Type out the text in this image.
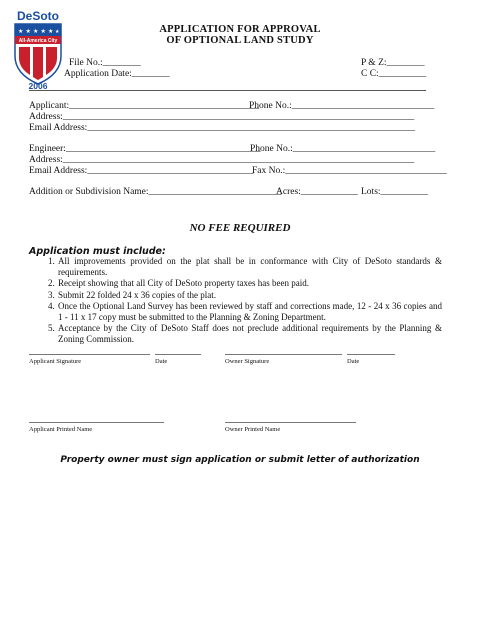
DeSoto
★ ★ ★ ★ ★ ★
All-America City
2006
APPLICATION FOR APPROVAL
OF OPTIONAL LAND STUDY
File No.:________
Application Date:________
P & Z:________
C C:__________
Applicant:________________________________________
Phone No.:______________________________
Address:__________________________________________________________________________
Email Address:_____________________________________________________________________
Engineer:_________________________________________
Phone No.:______________________________
Address:__________________________________________________________________________
Email Address:___________________________________
Fax No.:__________________________________
Addition or Subdivision Name:____________________________
Acres:____________ Lots:__________
NO FEE REQUIRED
Application must include:
1. All improvements provided on the plat shall be in conformance with City of DeSoto standards & requirements.
2. Receipt showing that all City of DeSoto property taxes has been paid.
3. Submit 22 folded 24 x 36 copies of the plat.
4. Once the Optional Land Survey has been reviewed by staff and corrections made, 12 - 24 x 36 copies and 1 - 11 x 17 copy must be submitted to the Planning & Zoning Department.
5. Acceptance by the City of DeSoto Staff does not preclude additional requirements by the Planning & Zoning Commission.
Applicant Signature	Date	Owner Signature	Date
Applicant Printed Name	Owner Printed Name
Property owner must sign application or submit letter of authorization
